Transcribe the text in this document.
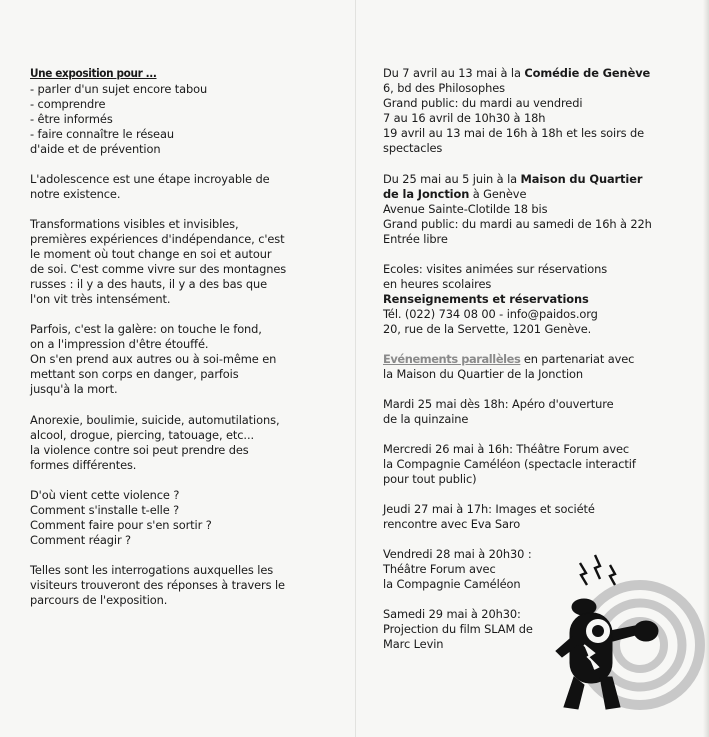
Une exposition pour ...

- parler d'un sujet encore tabou
- comprendre
- être informés
- faire connaître le réseau
d'aide et de prévention

L'adolescence est une étape incroyable de
notre existence.

Transformations visibles et invisibles,
premières expériences d'indépendance, c'est
le moment où tout change en soi et autour
de soi. C'est comme vivre sur des montagnes
russes : il y a des hauts, il y a des bas que
l'on vit très intensément.

Parfois, c'est la galère: on touche le fond,
on a l'impression d'être étouffé.
On s'en prend aux autres ou à soi-même en
mettant son corps en danger, parfois
jusqu'à la mort.

Anorexie, boulimie, suicide, automutilations,
alcool, drogue, piercing, tatouage, etc...
la violence contre soi peut prendre des
formes différentes.

D'où vient cette violence ?
Comment s'installe t-elle ?
Comment faire pour s'en sortir ?
Comment réagir ?

Telles sont les interrogations auxquelles les
visiteurs trouveront des réponses à travers le
parcours de l'exposition.

Du 7 avril au 13 mai à la Comédie de Genève
6, bd des Philosophes
Grand public: du mardi au vendredi
7 au 16 avril de 10h30 à 18h
19 avril au 13 mai de 16h à 18h et les soirs de
spectacles

Du 25 mai au 5 juin à la Maison du Quartier
de la Jonction à Genève
Avenue Sainte-Clotilde 18 bis
Grand public: du mardi au samedi de 16h à 22h
Entrée libre

Ecoles: visites animées sur réservations
en heures scolaires

Renseignements et réservations

Tél. (022) 734 08 00 - info@paidos.org
20, rue de la Servette, 1201 Genève.

Evénements parallèles en partenariat avec
la Maison du Quartier de la Jonction

Mardi 25 mai dès 18h: Apéro d'ouverture
de la quinzaine

Mercredi 26 mai à 16h: Théâtre Forum avec
la Compagnie Caméléon (spectacle interactif
pour tout public)

Jeudi 27 mai à 17h: Images et société
rencontre avec Eva Saro

Vendredi 28 mai à 20h30 :
Théâtre Forum avec
la Compagnie Caméléon

Samedi 29 mai à 20h30:
Projection du film SLAM de
Marc Levin
